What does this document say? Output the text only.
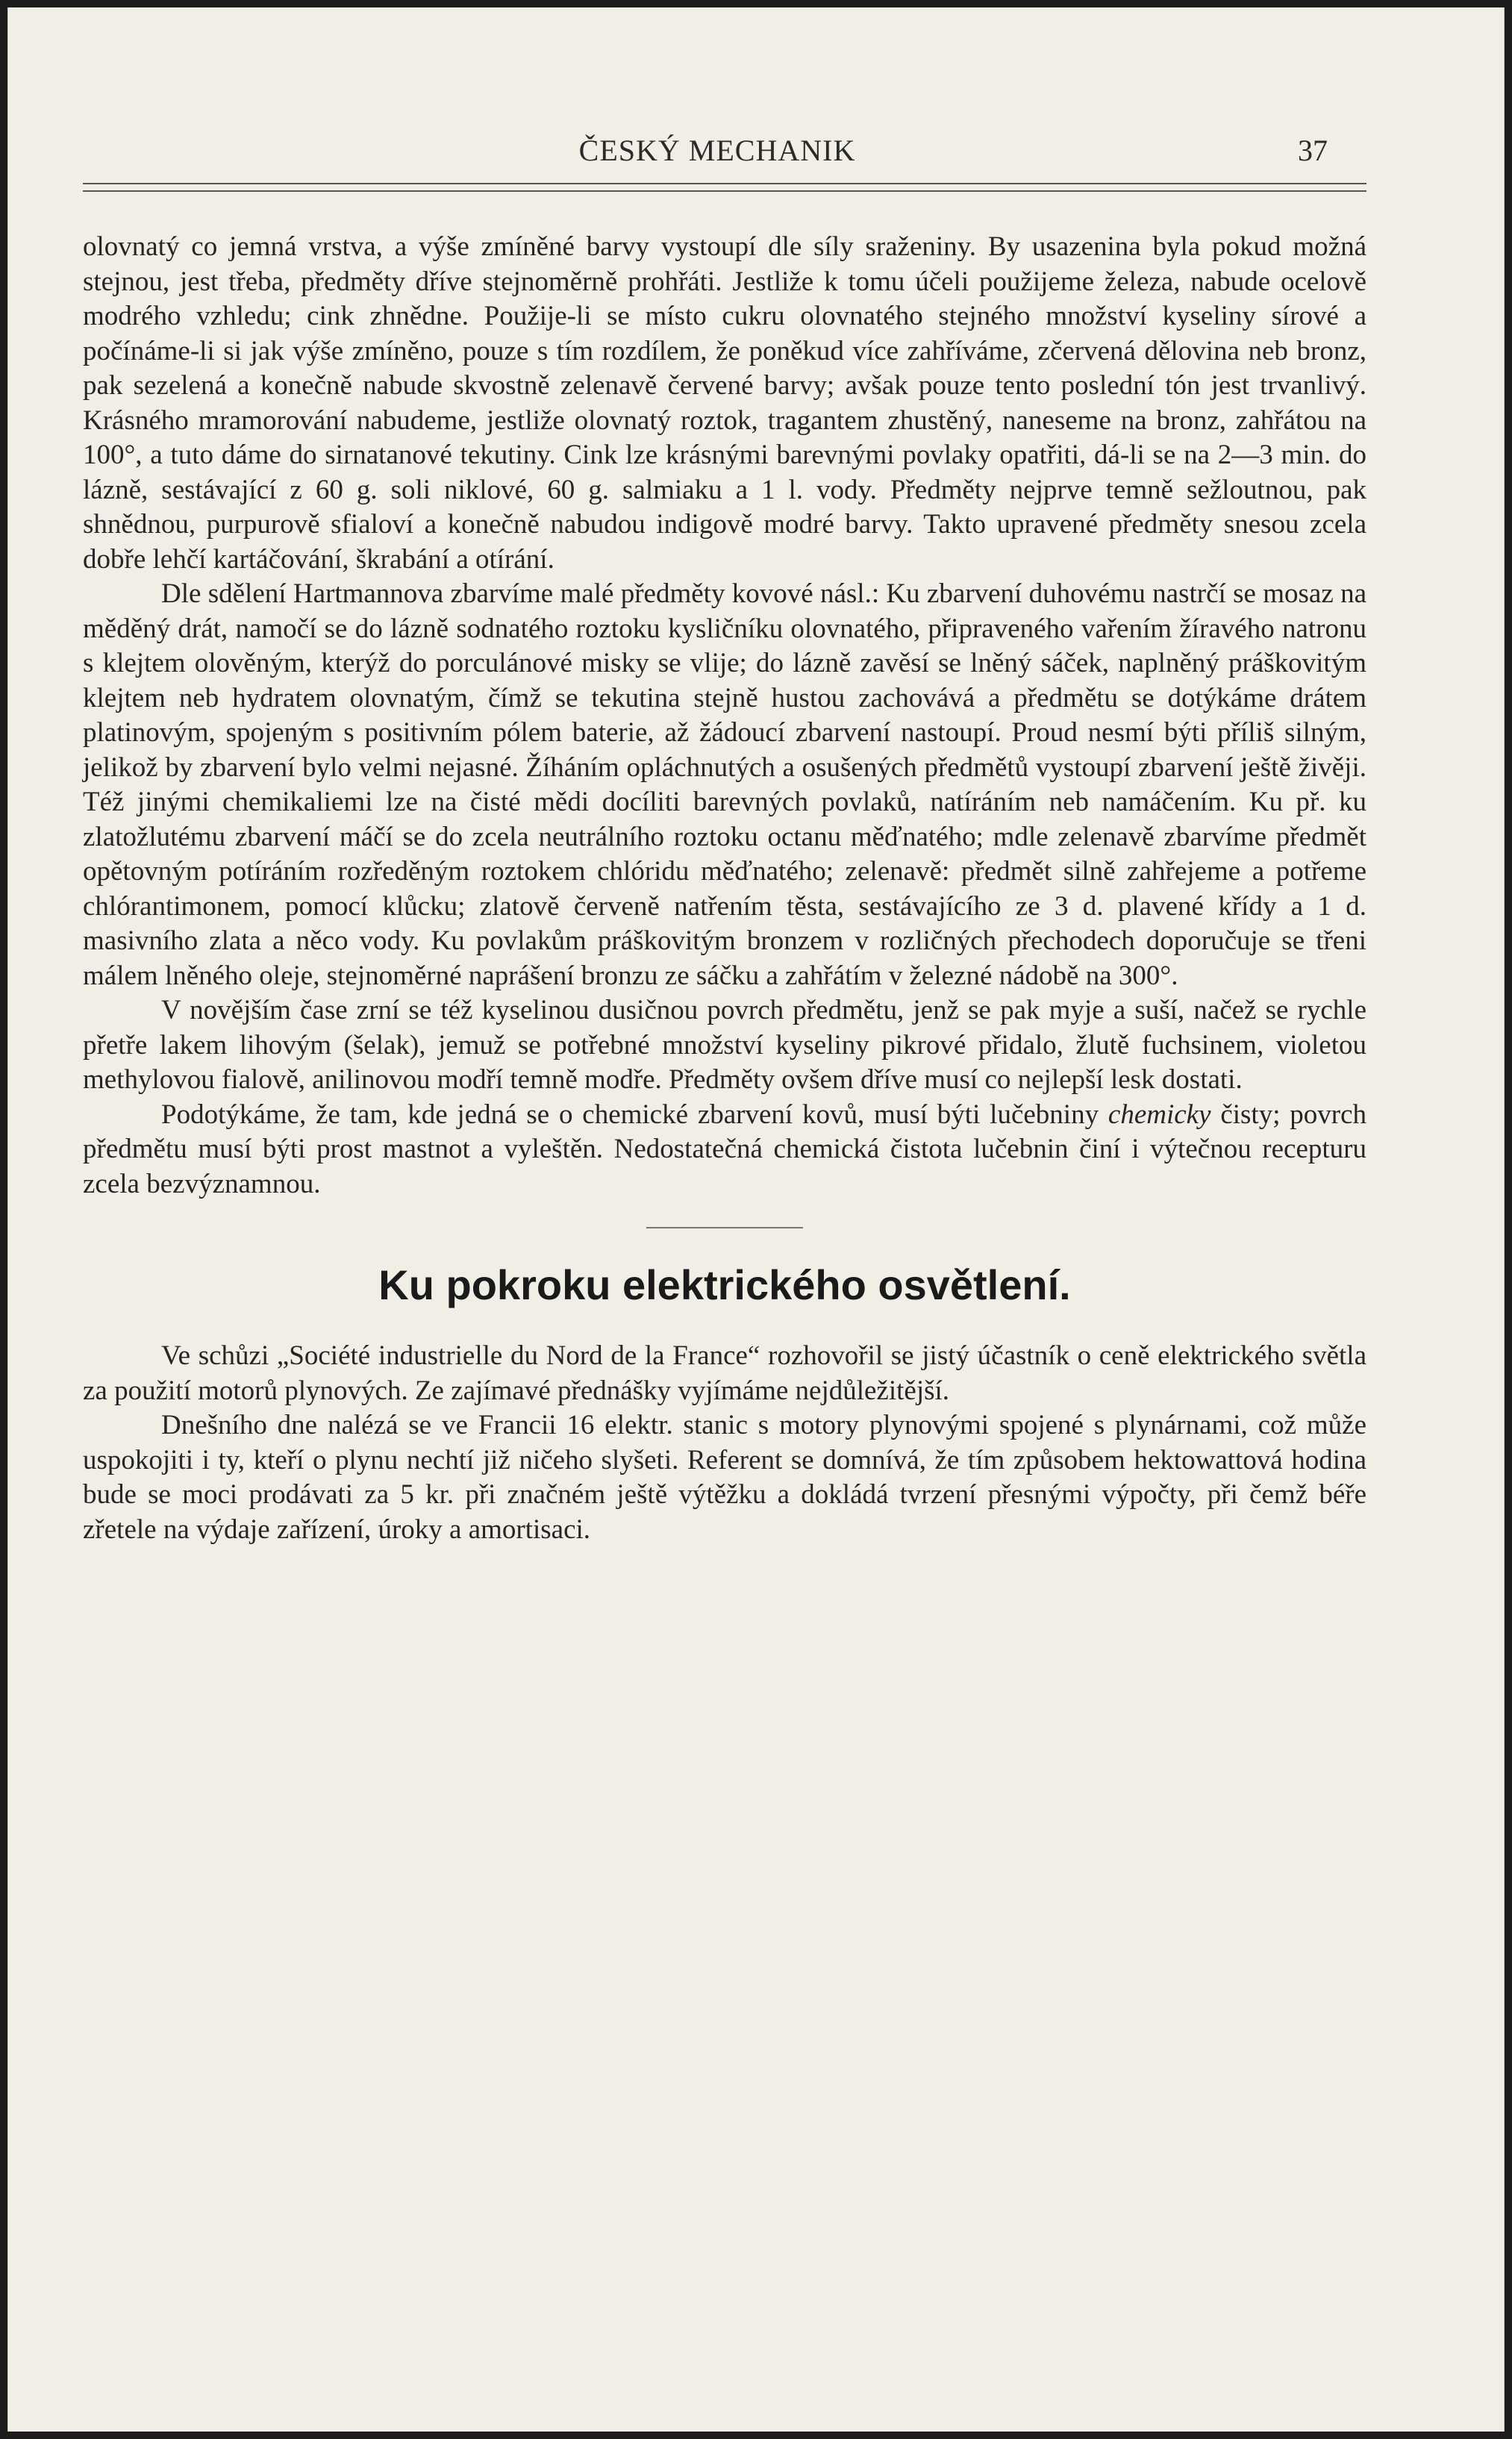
ČESKÝ MECHANIK	37

olovnatý co jemná vrstva, a výše zmíněné barvy vystoupí dle síly sraženiny. By usazenina byla pokud možná stejnou, jest třeba, předměty dříve stejnoměrně prohřáti. Jestliže k tomu účeli použijeme železa, nabude ocelově modrého vzhledu; cink zhnědne. Použije-li se místo cukru olovnatého stejného množství kyseliny sírové a počínáme-li si jak výše zmíněno, pouze s tím rozdílem, že poněkud více zahříváme, zčervená dělovina neb bronz, pak sezelená a konečně nabude skvostně zelenavě červené barvy; avšak pouze tento poslední tón jest trvanlivý. Krásného mramorování nabudeme, jestliže olovnatý roztok, tragantem zhustěný, naneseme na bronz, zahřátou na 100°, a tuto dáme do sirnatanové tekutiny. Cink lze krásnými barevnými povlaky opatřiti, dá-li se na 2—3 min. do lázně, sestávající z 60 g. soli niklové, 60 g. salmiaku a 1 l. vody. Předměty nejprve temně sežloutnou, pak shnědnou, purpurově sfialoví a konečně nabudou indigově modré barvy. Takto upravené předměty snesou zcela dobře lehčí kartáčování, škrabání a otírání.

Dle sdělení Hartmannova zbarvíme malé předměty kovové násl.: Ku zbarvení duhovému nastrčí se mosaz na měděný drát, namočí se do lázně sodnatého roztoku kysličníku olovnatého, připraveného vařením žíravého natronu s klejtem olověným, kterýž do porculánové misky se vlije; do lázně zavěsí se lněný sáček, naplněný práškovitým klejtem neb hydratem olovnatým, čímž se tekutina stejně hustou zachovává a předmětu se dotýkáme drátem platinovým, spojeným s positivním pólem baterie, až žádoucí zbarvení nastoupí. Proud nesmí býti příliš silným, jelikož by zbarvení bylo velmi nejasné. Žíháním opláchnutých a osušených předmětů vystoupí zbarvení ještě živěji. Též jinými chemikaliemi lze na čisté mědi docíliti barevných povlaků, natíráním neb namáčením. Ku př. ku zlatožlutému zbarvení máčí se do zcela neutrálního roztoku octanu měďnatého; mdle zelenavě zbarvíme předmět opětovným potíráním rozředěným roztokem chlóridu měďnatého; zelenavě: předmět silně zahřejeme a potřeme chlórantimonem, pomocí klůcku; zlatově červeně natřením těsta, sestávajícího ze 3 d. plavené křídy a 1 d. masivního zlata a něco vody. Ku povlakům práškovitým bronzem v rozličných přechodech doporučuje se třeni málem lněného oleje, stejnoměrné naprášení bronzu ze sáčku a zahřátím v železné nádobě na 300°.

V novějším čase zrní se též kyselinou dusičnou povrch předmětu, jenž se pak myje a suší, načež se rychle přetře lakem lihovým (šelak), jemuž se potřebné množství kyseliny pikrové přidalo, žlutě fuchsinem, violetou methylovou fialově, anilinovou modří temně modře. Předměty ovšem dříve musí co nejlepší lesk dostati.

Podotýkáme, že tam, kde jedná se o chemické zbarvení kovů, musí býti lučebniny chemicky čisty; povrch předmětu musí býti prost mastnot a vyleštěn. Nedostatečná chemická čistota lučebnin činí i výtečnou recepturu zcela bezvýznamnou.

Ku pokroku elektrického osvětlení.

Ve schůzi „Société industrielle du Nord de la France“ rozhovořil se jistý účastník o ceně elektrického světla za použití motorů plynových. Ze zajímavé přednášky vyjímáme nejdůležitější.

Dnešního dne nalézá se ve Francii 16 elektr. stanic s motory plynovými spojené s plynárnami, což může uspokojiti i ty, kteří o plynu nechtí již ničeho slyšeti. Referent se domnívá, že tím způsobem hektowattová hodina bude se moci prodávati za 5 kr. při značném ještě výtěžku a dokládá tvrzení přesnými výpočty, při čemž béře zřetele na výdaje zařízení, úroky a amortisaci.
